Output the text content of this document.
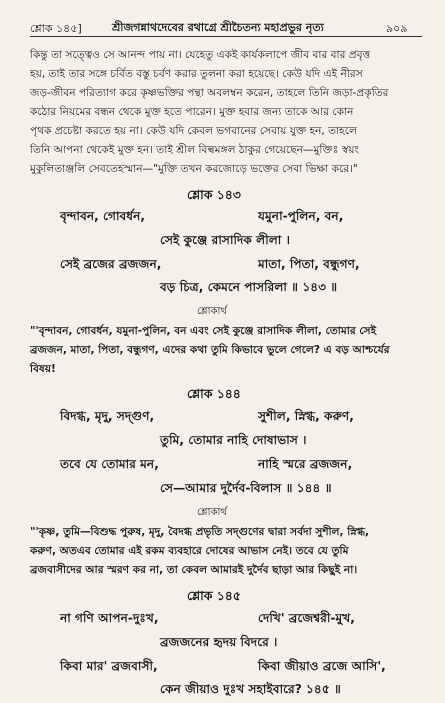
শ্লোক ১৪৫]	শ্রীজগন্নাথদেবের রথাগ্রে শ্রীচৈতন্য মহাপ্রভুর নৃত্য	৯০৯
কিন্তু তা সত্ত্বেও সে আনন্দ পায় না। যেহেতু একই কার্যকলাপে জীব বার বার প্রবৃত্ত
হয়, তাই তার সঙ্গে চর্বিত বস্তু চর্বণ করার তুলনা করা হয়েছে। কেউ যদি এই নীরস
জড়-জীবন পরিত্যাগ করে কৃষ্ণভক্তির পন্থা অবলম্বন করেন, তাহলে তিনি জড়া-প্রকৃতির
কঠোর নিয়মের বন্ধন থেকে মুক্ত হতে পারেন। মুক্ত হবার জন্য তাকে আর কোন
পৃথক প্রচেষ্টা করতে হয় না। কেউ যদি কেবল ভগবানের সেবায় যুক্ত হন, তাহলে
তিনি আপনা থেকেই মুক্ত হন। তাই শ্রীল বিল্বমঙ্গল ঠাকুর গেয়েছেন—মুক্তিঃ স্বয়ং
মুকুলিতাঞ্জলি সেবতেহস্মান—"মুক্তি তখন করজোড়ে ভক্তের সেবা ভিক্ষা করে।"
শ্লোক ১৪৩
বৃন্দাবন, গোবর্ধন,	যমুনা-পুলিন, বন,
সেই কুঞ্জে রাসাদিক লীলা ।
সেই ব্রজের ব্রজজন,	মাতা, পিতা, বন্ধুগণ,
বড় চিত্র, কেমনে পাসরিলা ॥ ১৪৩ ॥
শ্লোকার্থ
"'বৃন্দাবন, গোবর্ধন, যমুনা-পুলিন, বন এবং সেই কুঞ্জে রাসাদিক লীলা, তোমার সেই
ব্রজজন, মাতা, পিতা, বন্ধুগণ, এদের কথা তুমি কিভাবে ভুলে গেলে? এ বড় আশ্চর্যের
বিষয়!
শ্লোক ১৪৪
বিদগ্ধ, মৃদু, সদ্‌গুণ,	সুশীল, স্নিগ্ধ, করুণ,
তুমি, তোমার নাহি দোষাভাস ।
তবে যে তোমার মন,	নাহি স্মরে ব্রজজন,
সে—আমার দুর্দৈব-বিলাস ॥ ১৪৪ ॥
শ্লোকার্থ
"'কৃষ্ণ, তুমি—বিশুদ্ধ পুরুষ, মৃদু, বৈদগ্ধ প্রভৃতি সদ্‌গুণের দ্বারা সর্বদা সুশীল, স্নিগ্ধ,
করুণ, অতএব তোমার এই রকম ব্যবহারে দোষের আভাস নেই। তবে যে তুমি
ব্রজবাসীদের আর স্মরণ কর না, তা কেবল আমারই দুর্দৈব ছাড়া আর কিছুই না।
শ্লোক ১৪৫
না গণি আপন-দুঃখ,	দেখি' ব্রজেশ্বরী-মুখ,
ব্রজজনের হৃদয় বিদরে ।
কিবা মার' ব্রজবাসী,	কিবা জীয়াও ব্রজে আসি',
কেন জীয়াও দুঃখ সহাইবারে? ১৪৫ ॥
